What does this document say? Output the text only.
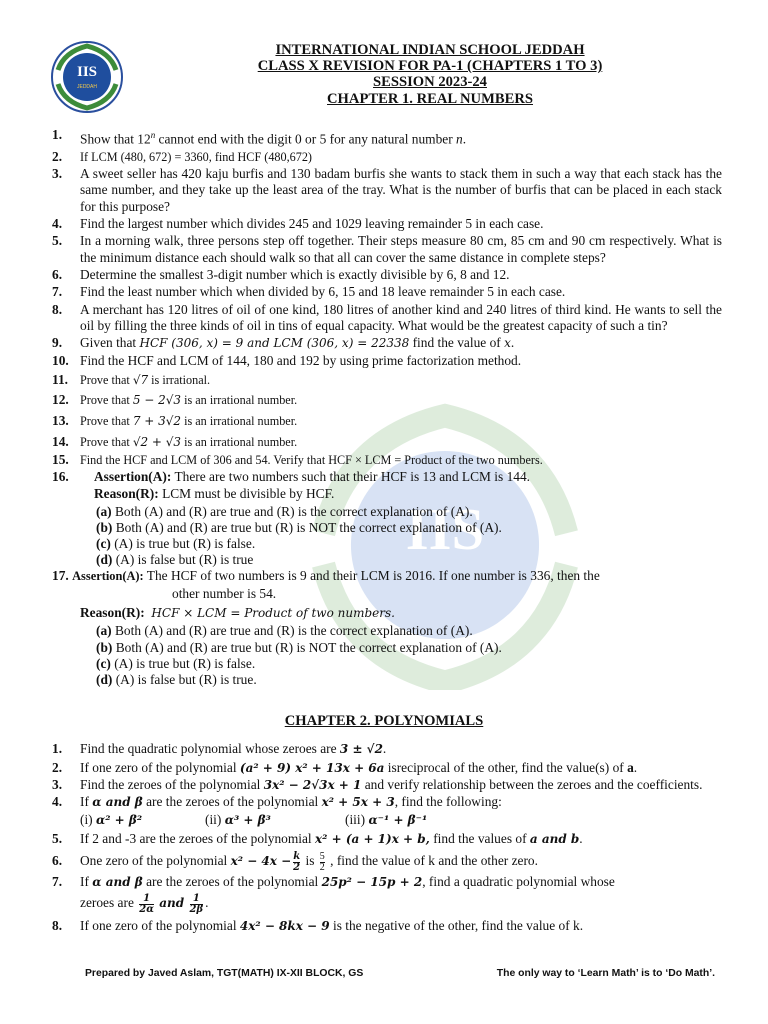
IIS
JEDDAH
IIS
INTERNATIONAL INDIAN SCHOOL JEDDAH
CLASS X REVISION FOR PA-1 (CHAPTERS 1 TO 3)
SESSION 2023-24
CHAPTER 1. REAL NUMBERS
1. Show that 12$^n$ cannot end with the digit 0 or 5 for any natural number n.
2. If LCM (480, 672) = 3360, find HCF (480,672)
3. A sweet seller has 420 kaju burfis and 130 badam burfis she wants to stack them in such a way that each stack has the same number, and they take up the least area of the tray. What is the number of burfis that can be placed in each stack for this purpose?
4. Find the largest number which divides 245 and 1029 leaving remainder 5 in each case.
5. In a morning walk, three persons step off together. Their steps measure 80 cm, 85 cm and 90 cm respectively. What is the minimum distance each should walk so that all can cover the same distance in complete steps?
6. Determine the smallest 3-digit number which is exactly divisible by 6, 8 and 12.
7. Find the least number which when divided by 6, 15 and 18 leave remainder 5 in each case.
8. A merchant has 120 litres of oil of one kind, 180 litres of another kind and 240 litres of third kind. He wants to sell the oil by filling the three kinds of oil in tins of equal capacity. What would be the greatest capacity of such a tin?
9. Given that HCF (306, x) = 9 and LCM (306, x) = 22338 find the value of x.
10. Find the HCF and LCM of 144, 180 and 192 by using prime factorization method.
11. Prove that √7 is irrational.
12. Prove that 5 − 2√3 is an irrational number.
13. Prove that 7 + 3√2 is an irrational number.
14. Prove that √2 + √3 is an irrational number.
15. Find the HCF and LCM of 306 and 54. Verify that HCF × LCM = Product of the two numbers.
16. Assertion(A): There are two numbers such that their HCF is 13 and LCM is 144.
Reason(R): LCM must be divisible by HCF.
(a) Both (A) and (R) are true and (R) is the correct explanation of (A).
(b) Both (A) and (R) are true but (R) is NOT the correct explanation of (A).
(c) (A) is true but (R) is false.
(d) (A) is false but (R) is true
17. Assertion(A): The HCF of two numbers is 9 and their LCM is 2016. If one number is 336, then the
other number is 54.
Reason(R): HCF × LCM = Product of two numbers.
(a) Both (A) and (R) are true and (R) is the correct explanation of (A).
(b) Both (A) and (R) are true but (R) is NOT the correct explanation of (A).
(c) (A) is true but (R) is false.
(d) (A) is false but (R) is true.
CHAPTER 2. POLYNOMIALS
1. Find the quadratic polynomial whose zeroes are 3 ± √2.
2. If one zero of the polynomial (a² + 9) x² + 13x + 6a isreciprocal of the other, find the value(s) of a.
3. Find the zeroes of the polynomial 3x² − 2√3x + 1 and verify relationship between the zeroes and the coefficients.
4. If α and β are the zeroes of the polynomial x² + 5x + 3, find the following:
(i) α² + β²	(ii) α³ + β³	(iii) α⁻¹ + β⁻¹
5. If 2 and -3 are the zeroes of the polynomial x² + (a + 1)x + b, find the values of a and b.
6. One zero of the polynomial $x^2 - 4x - \frac{k}{2}$ is $\frac{5}{2}$ , find the value of k and the other zero.
7. If α and β are the zeroes of the polynomial 25p² − 15p + 2, find a quadratic polynomial whose
zeroes are $\frac{1}{2\alpha}$ and $\frac{1}{2\beta}$ .
8. If one zero of the polynomial 4x² − 8kx − 9 is the negative of the other, find the value of k.
Prepared by Javed Aslam, TGT(MATH) IX-XII BLOCK, GS	The only way to ‘Learn Math’ is to ‘Do Math’.
